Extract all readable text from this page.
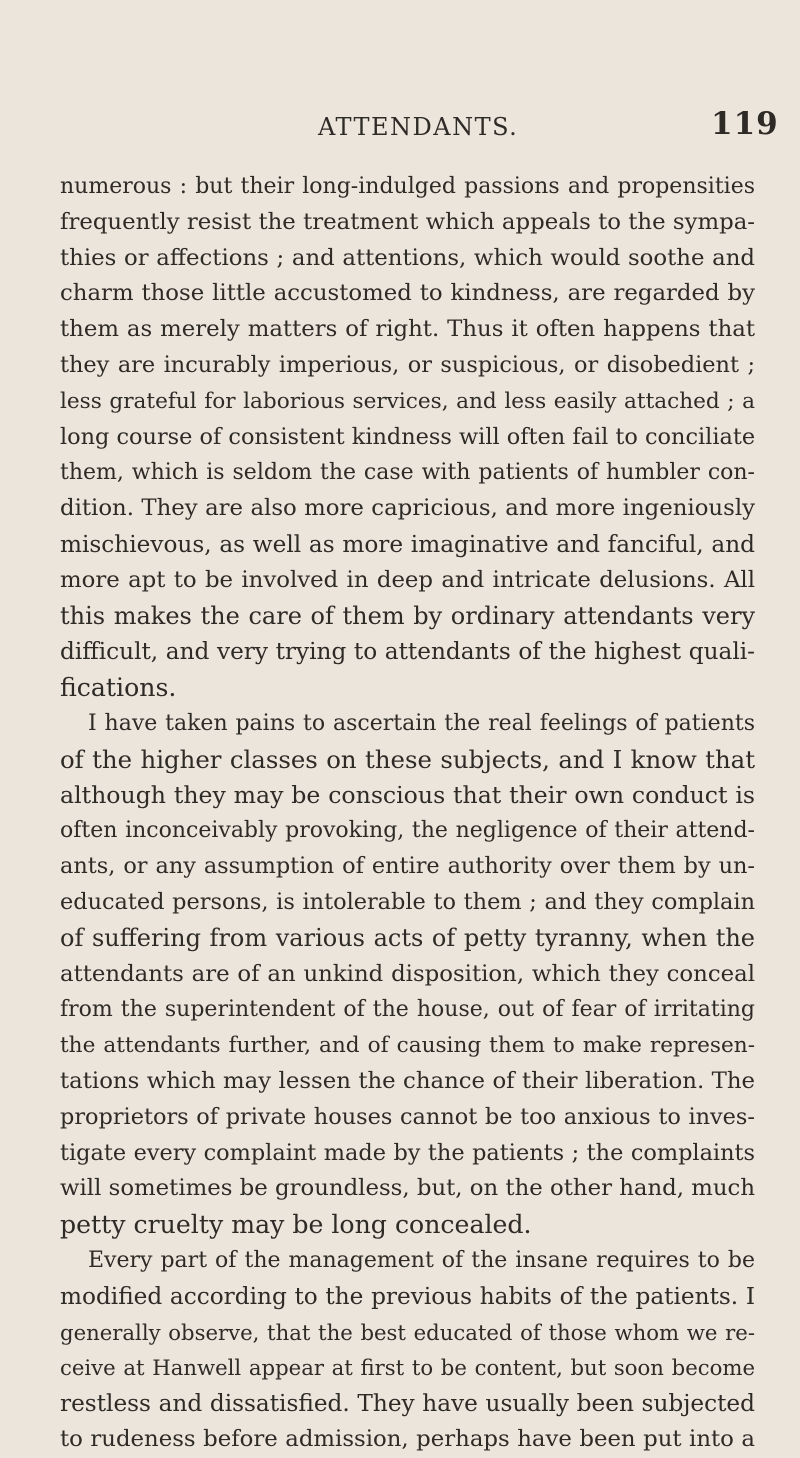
ATTENDANTS.	119
numerous : but their long-indulged passions and propensities
frequently resist the treatment which appeals to the sympa-
thies or affections ; and attentions, which would soothe and
charm those little accustomed to kindness, are regarded by
them as merely matters of right. Thus it often happens that
they are incurably imperious, or suspicious, or disobedient ;
less grateful for laborious services, and less easily attached ; a
long course of consistent kindness will often fail to conciliate
them, which is seldom the case with patients of humbler con-
dition. They are also more capricious, and more ingeniously
mischievous, as well as more imaginative and fanciful, and
more apt to be involved in deep and intricate delusions. All
this makes the care of them by ordinary attendants very
difficult, and very trying to attendants of the highest quali-
fications.
I have taken pains to ascertain the real feelings of patients
of the higher classes on these subjects, and I know that
although they may be conscious that their own conduct is
often inconceivably provoking, the negligence of their attend-
ants, or any assumption of entire authority over them by un-
educated persons, is intolerable to them ; and they complain
of suffering from various acts of petty tyranny, when the
attendants are of an unkind disposition, which they conceal
from the superintendent of the house, out of fear of irritating
the attendants further, and of causing them to make represen-
tations which may lessen the chance of their liberation. The
proprietors of private houses cannot be too anxious to inves-
tigate every complaint made by the patients ; the complaints
will sometimes be groundless, but, on the other hand, much
petty cruelty may be long concealed.
Every part of the management of the insane requires to be
modified according to the previous habits of the patients. I
generally observe, that the best educated of those whom we re-
ceive at Hanwell appear at first to be content, but soon become
restless and dissatisfied. They have usually been subjected
to rudeness before admission, perhaps have been put into a
